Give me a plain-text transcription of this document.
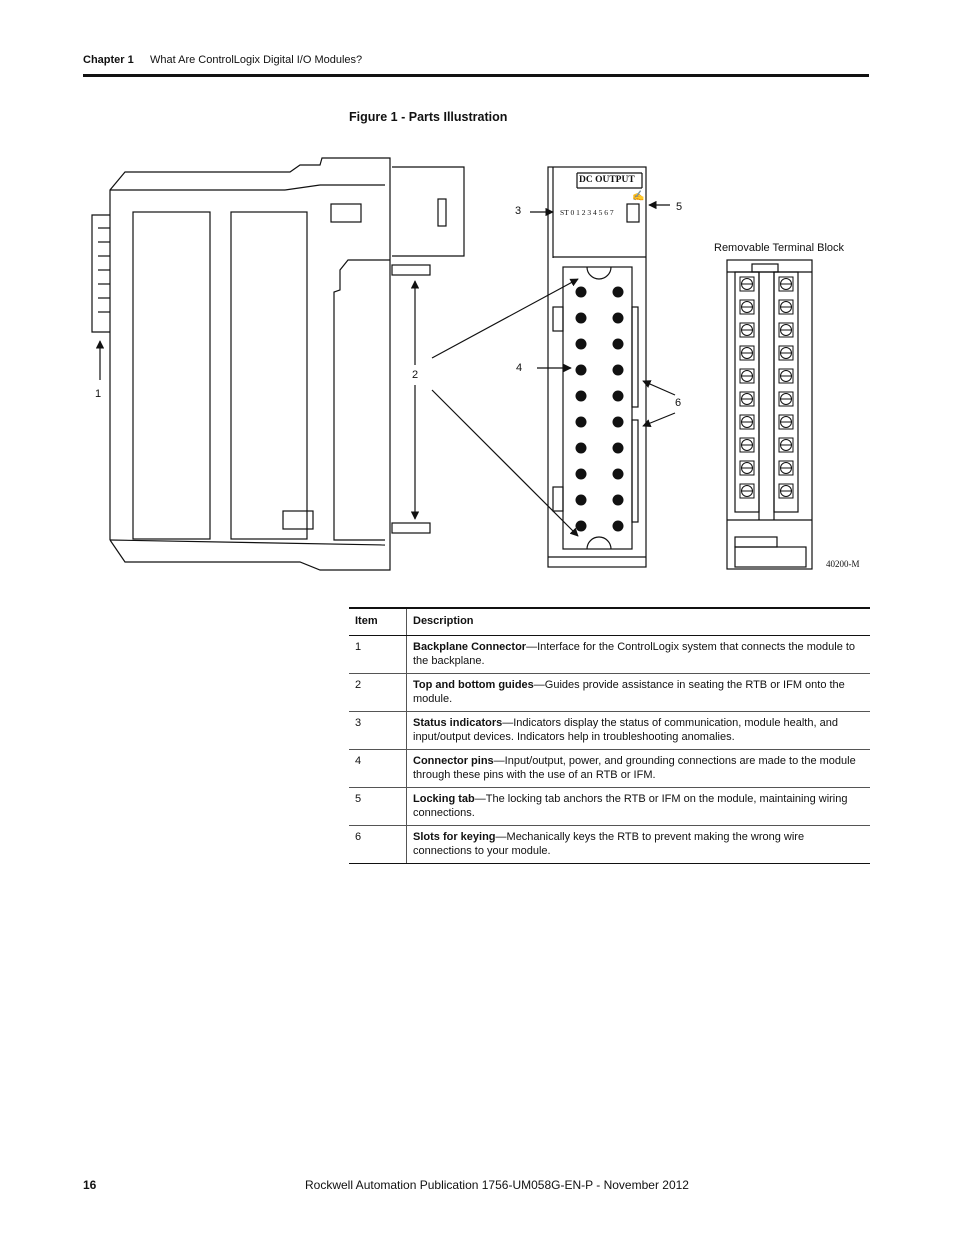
Chapter 1 What Are ControlLogix Digital I/O Modules?
Figure 1 - Parts Illustration
✍
DC OUTPUT
ST 0 1 2 3 4 5 6 7
Removable Terminal Block
40200-M
1
2
3
4
5
6
Item	Description
1	Backplane Connector—Interface for the ControlLogix system that connects the module to the backplane.
2	Top and bottom guides—Guides provide assistance in seating the RTB or IFM onto the module.
3	Status indicators—Indicators display the status of communication, module health, and input/output devices. Indicators help in troubleshooting anomalies.
4	Connector pins—Input/output, power, and grounding connections are made to the module through these pins with the use of an RTB or IFM.
5	Locking tab—The locking tab anchors the RTB or IFM on the module, maintaining wiring connections.
6	Slots for keying—Mechanically keys the RTB to prevent making the wrong wire connections to your module.
16	Rockwell Automation Publication 1756-UM058G-EN-P - November 2012
